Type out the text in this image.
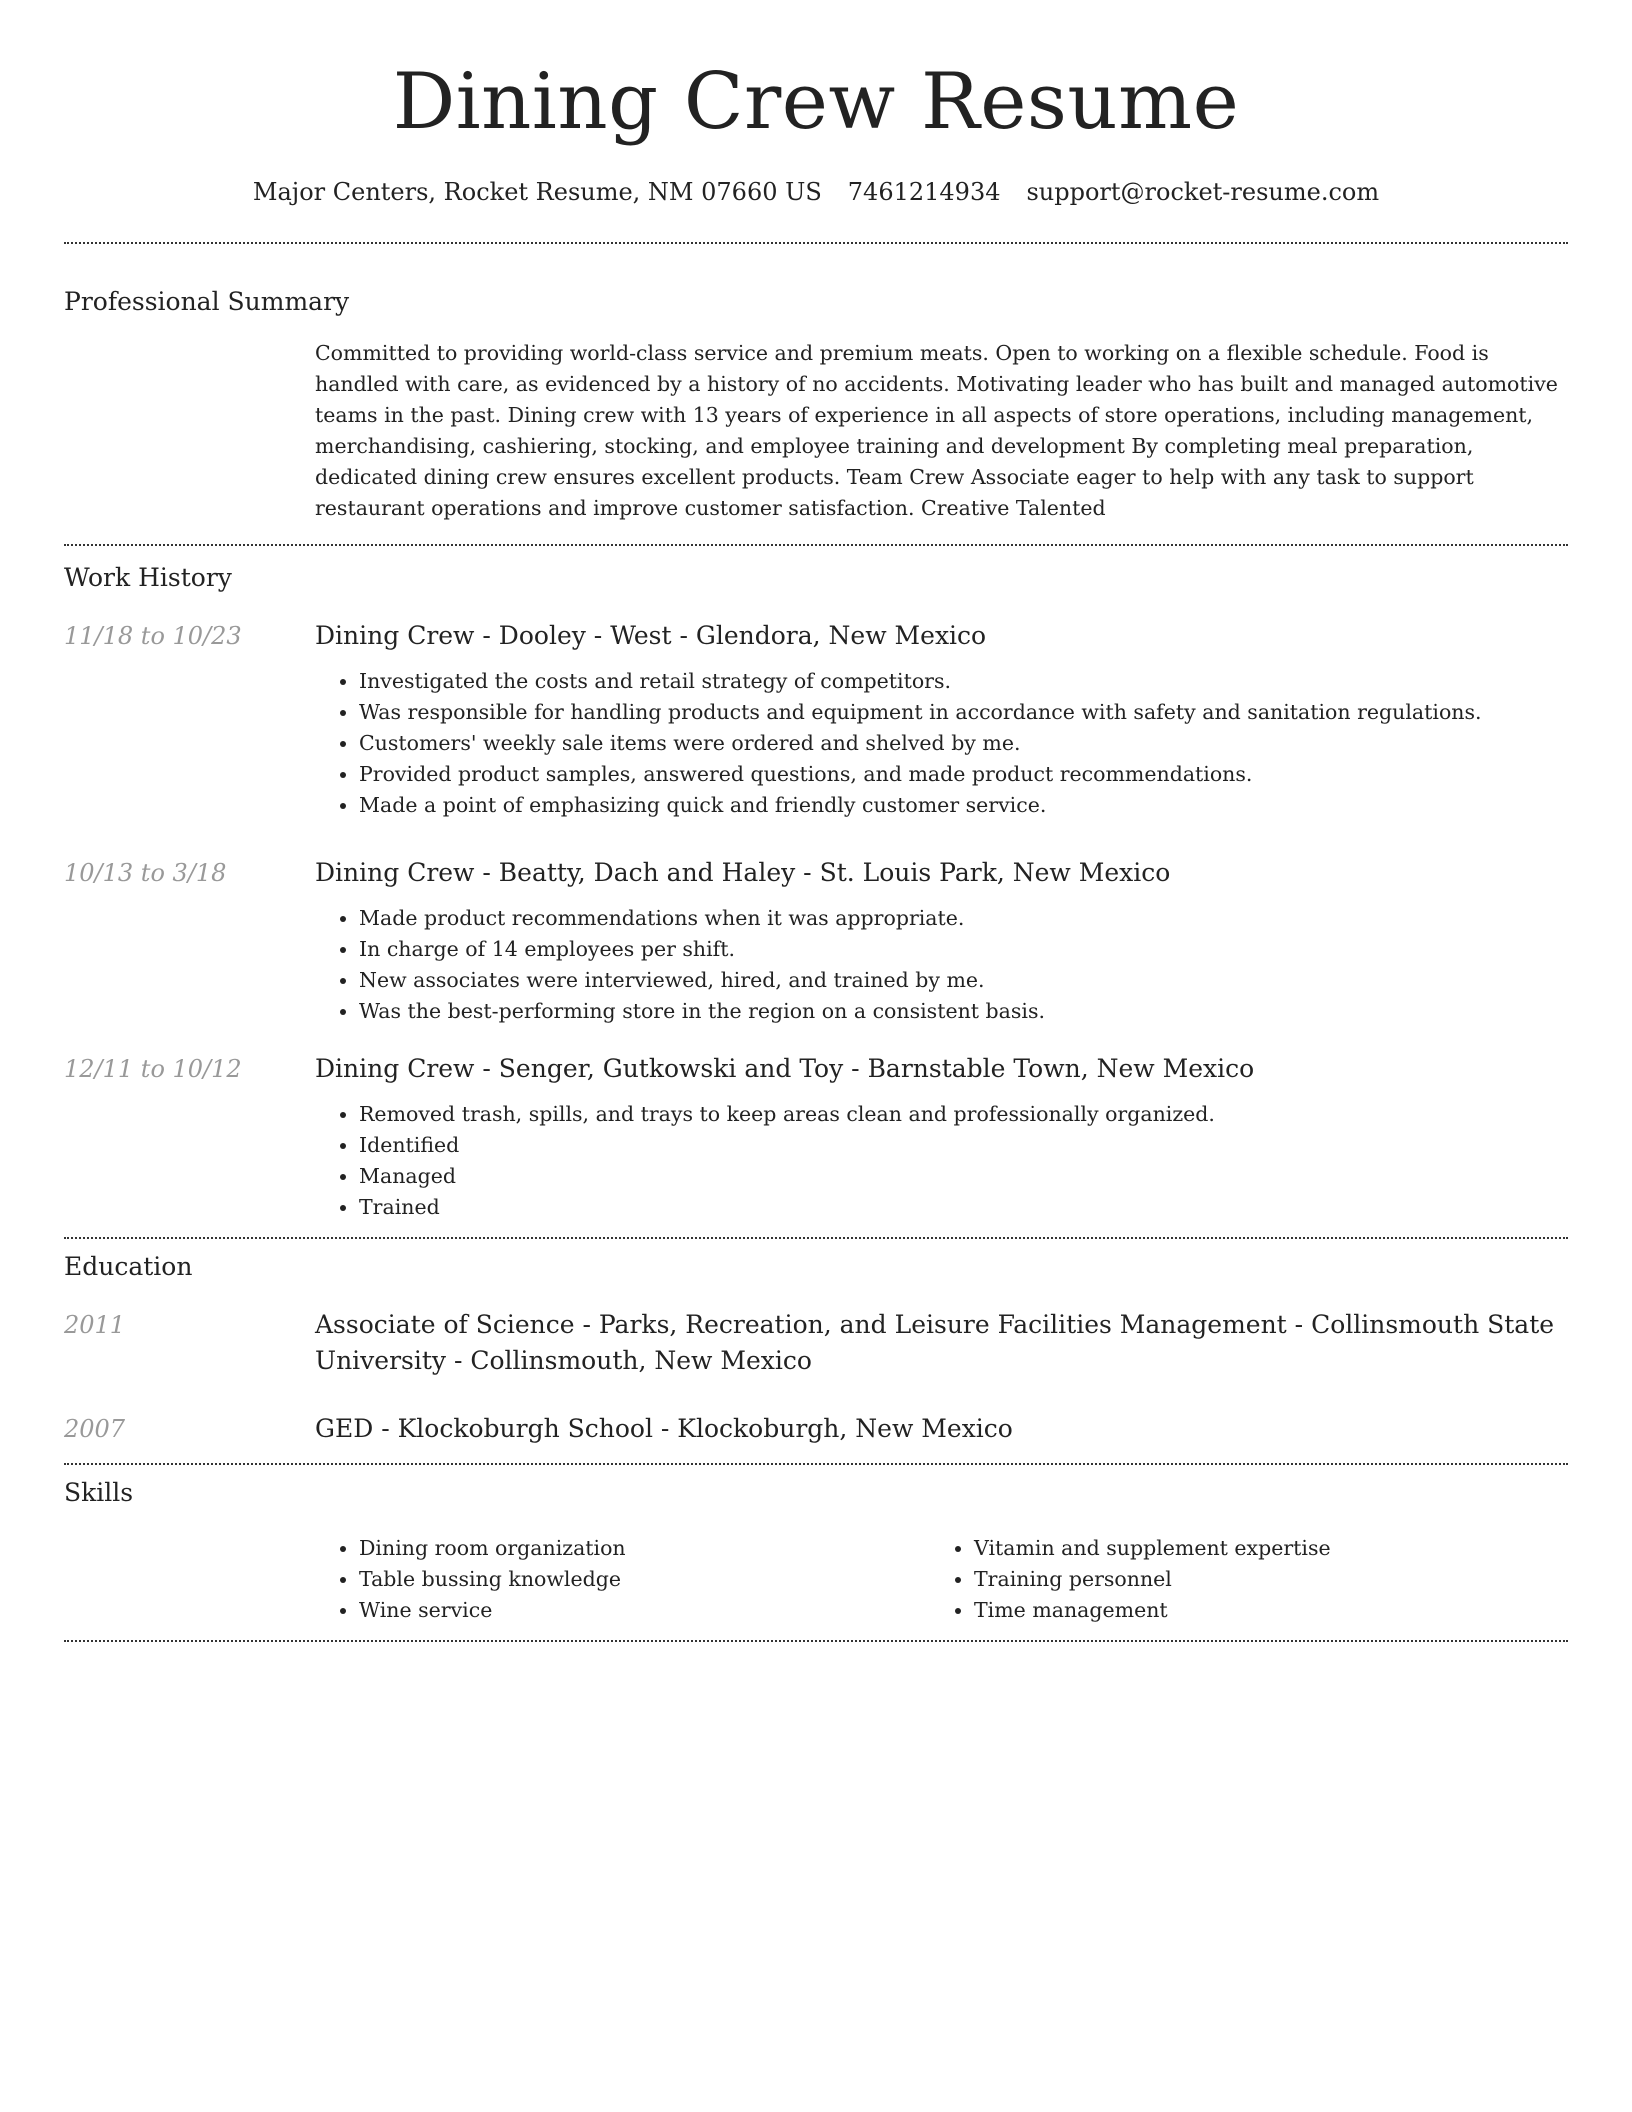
Dining Crew Resume
Major Centers, Rocket Resume, NM 07660 US 7461214934 support@rocket-resume.com
Professional Summary
Committed to providing world-class service and premium meats. Open to working on a flexible schedule. Food is handled with care, as evidenced by a history of no accidents. Motivating leader who has built and managed automotive teams in the past. Dining crew with 13 years of experience in all aspects of store operations, including management, merchandising, cashiering, stocking, and employee training and development By completing meal preparation, dedicated dining crew ensures excellent products. Team Crew Associate eager to help with any task to support restaurant operations and improve customer satisfaction. Creative Talented
Work History
11/18 to 10/23	Dining Crew - Dooley - West - Glendora, New Mexico
• Investigated the costs and retail strategy of competitors.
• Was responsible for handling products and equipment in accordance with safety and sanitation regulations.
• Customers' weekly sale items were ordered and shelved by me.
• Provided product samples, answered questions, and made product recommendations.
• Made a point of emphasizing quick and friendly customer service.
10/13 to 3/18	Dining Crew - Beatty, Dach and Haley - St. Louis Park, New Mexico
• Made product recommendations when it was appropriate.
• In charge of 14 employees per shift.
• New associates were interviewed, hired, and trained by me.
• Was the best-performing store in the region on a consistent basis.
12/11 to 10/12	Dining Crew - Senger, Gutkowski and Toy - Barnstable Town, New Mexico
• Removed trash, spills, and trays to keep areas clean and professionally organized.
• Identified
• Managed
• Trained
Education
2011	Associate of Science - Parks, Recreation, and Leisure Facilities Management - Collinsmouth State University - Collinsmouth, New Mexico
2007	GED - Klockoburgh School - Klockoburgh, New Mexico
Skills
• Dining room organization
• Table bussing knowledge
• Wine service
• Vitamin and supplement expertise
• Training personnel
• Time management
